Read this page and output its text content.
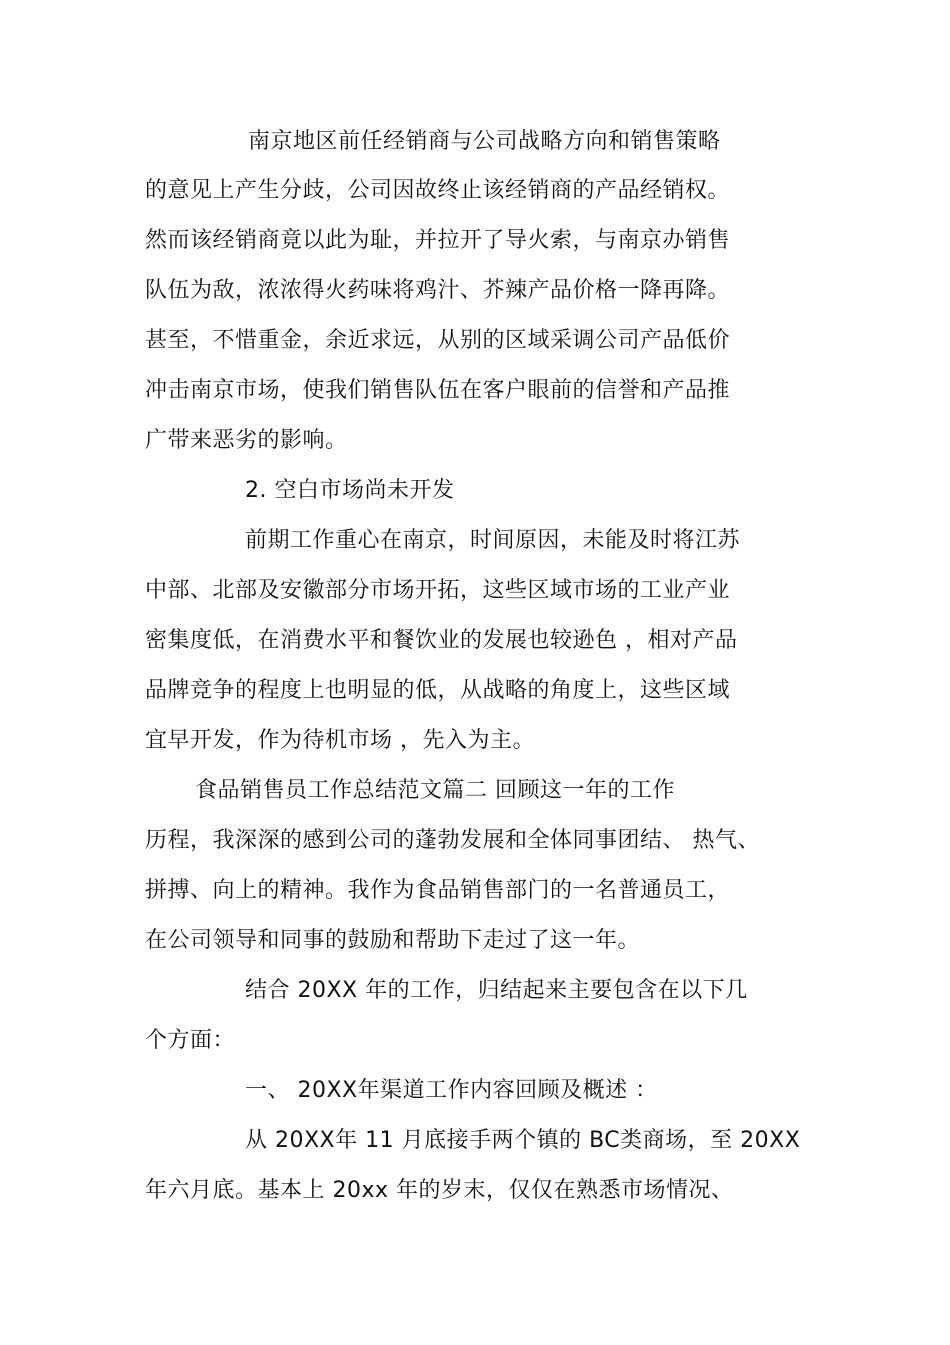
南京地区前任经销商与公司战略方向和销售策略
的意见上产生分歧，公司因故终止该经销商的产品经销权。
然而该经销商竟以此为耻，并拉开了导火索，与南京办销售
队伍为敌，浓浓得火药味将鸡汁、芥辣产品价格一降再降。
甚至，不惜重金，余近求远，从别的区域采调公司产品低价
冲击南京市场，使我们销售队伍在客户眼前的信誉和产品推
广带来恶劣的影响。
2. 空白市场尚未开发
前期工作重心在南京，时间原因，未能及时将江苏
中部、北部及安徽部分市场开拓，这些区域市场的工业产业
密集度低，在消费水平和餐饮业的发展也较逊色 ，相对产品
品牌竞争的程度上也明显的低，从战略的角度上，这些区域
宜早开发，作为待机市场 ，先入为主。
食品销售员工作总结范文篇二 回顾这一年的工作
历程，我深深的感到公司的蓬勃发展和全体同事团结、 热气、
拼搏、向上的精神。我作为食品销售部门的一名普通员工，
在公司领导和同事的鼓励和帮助下走过了这一年。
结合 20XX 年的工作，归结起来主要包含在以下几
个方面：
一、 20XX年渠道工作内容回顾及概述 ：
从 20XX年 11 月底接手两个镇的 BC类商场，至 20XX
年六月底。基本上 20xx 年的岁末，仅仅在熟悉市场情况、
